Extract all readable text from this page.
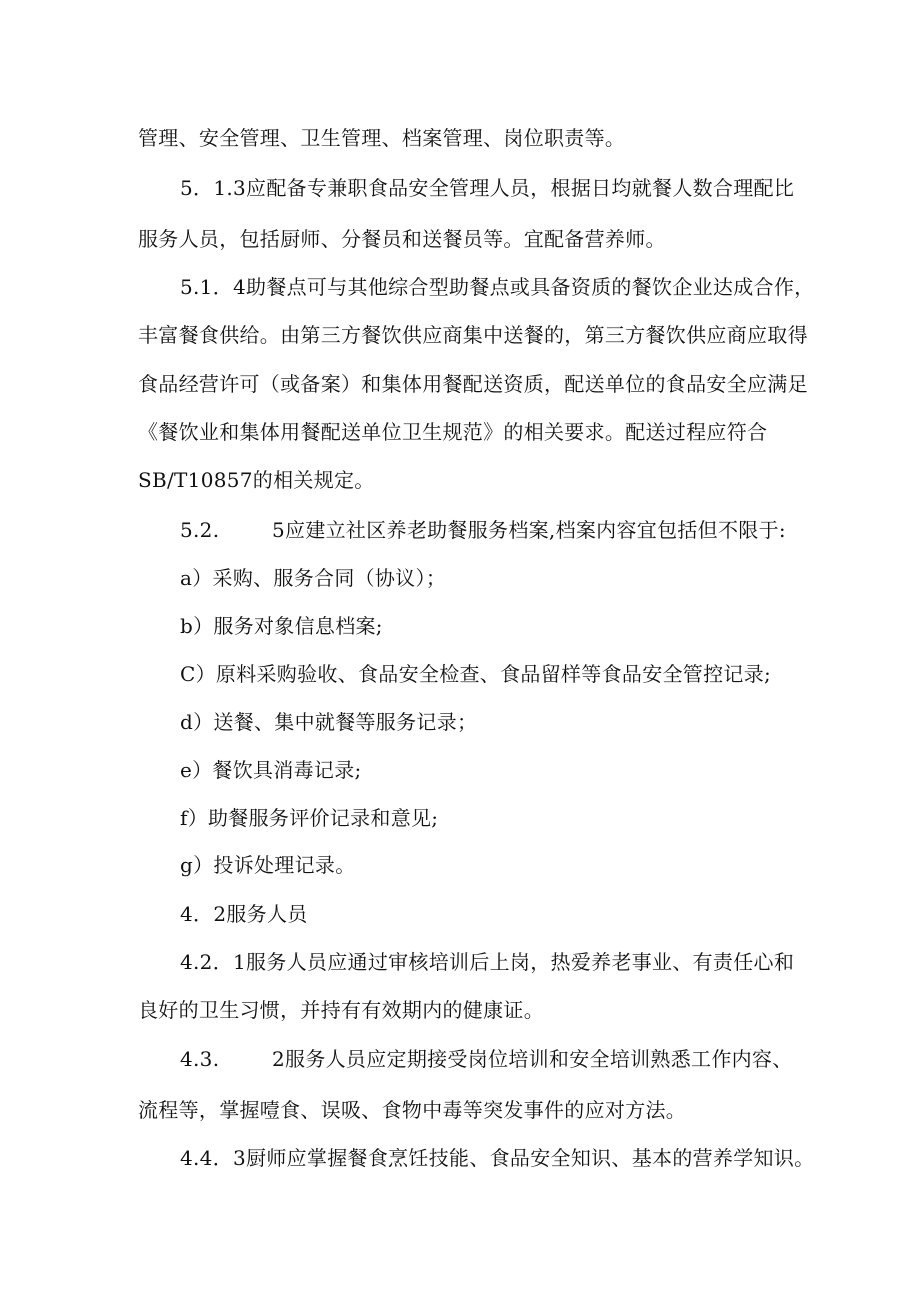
管理、安全管理、卫生管理、档案管理、岗位职责等。
5．1.3应配备专兼职食品安全管理人员，根据日均就餐人数合理配比
服务人员，包括厨师、分餐员和送餐员等。宜配备营养师。
5.1．4助餐点可与其他综合型助餐点或具备资质的餐饮企业达成合作，
丰富餐食供给。由第三方餐饮供应商集中送餐的，第三方餐饮供应商应取得
食品经营许可（或备案）和集体用餐配送资质，配送单位的食品安全应满足
《餐饮业和集体用餐配送单位卫生规范》的相关要求。配送过程应符合
SB/T10857的相关规定。
5.2.	5应建立社区养老助餐服务档案,档案内容宜包括但不限于:
a）采购、服务合同（协议）；
b）服务对象信息档案;
C）原料采购验收、食品安全检查、食品留样等食品安全管控记录;
d）送餐、集中就餐等服务记录；
e）餐饮具消毒记录;
f）助餐服务评价记录和意见;
g）投诉处理记录。
4．2服务人员
4.2．1服务人员应通过审核培训后上岗，热爱养老事业、有责任心和
良好的卫生习惯，并持有有效期内的健康证。
4.3.	2服务人员应定期接受岗位培训和安全培训熟悉工作内容、
流程等，掌握噎食、误吸、食物中毒等突发事件的应对方法。
4.4．3厨师应掌握餐食烹饪技能、食品安全知识、基本的营养学知识。
